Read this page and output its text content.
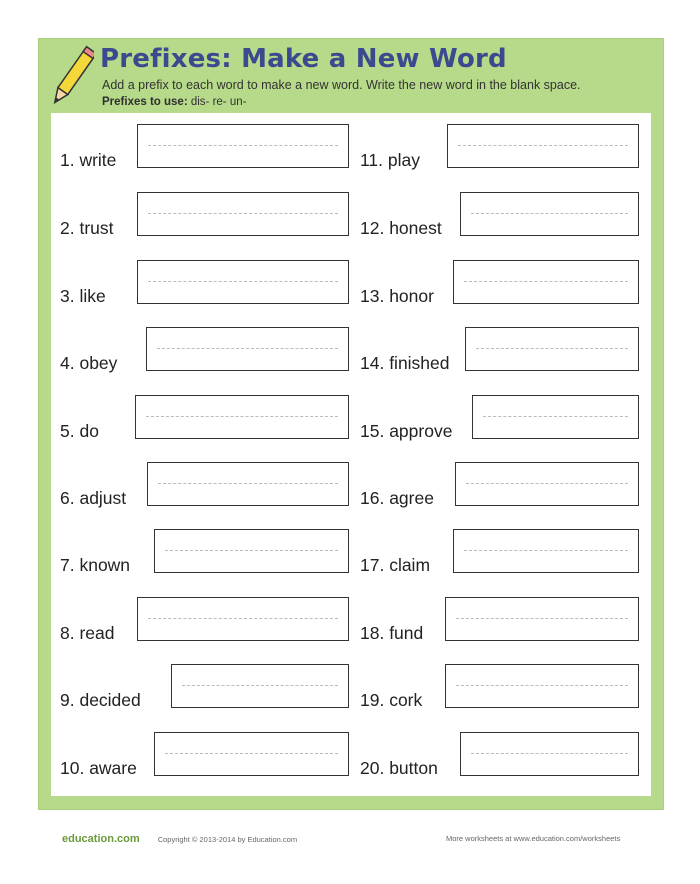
Prefixes: Make a New Word
Add a prefix to each word to make a new word. Write the new word in the blank space.
Prefixes to use: dis- re- un-
1. write
2. trust
3. like
4. obey
5. do
6. adjust
7. known
8. read
9. decided
10. aware
11. play
12. honest
13. honor
14. finished
15. approve
16. agree
17. claim
18. fund
19. cork
20. button
education.com Copyright © 2013-2014 by Education.com	More worksheets at www.education.com/worksheets
